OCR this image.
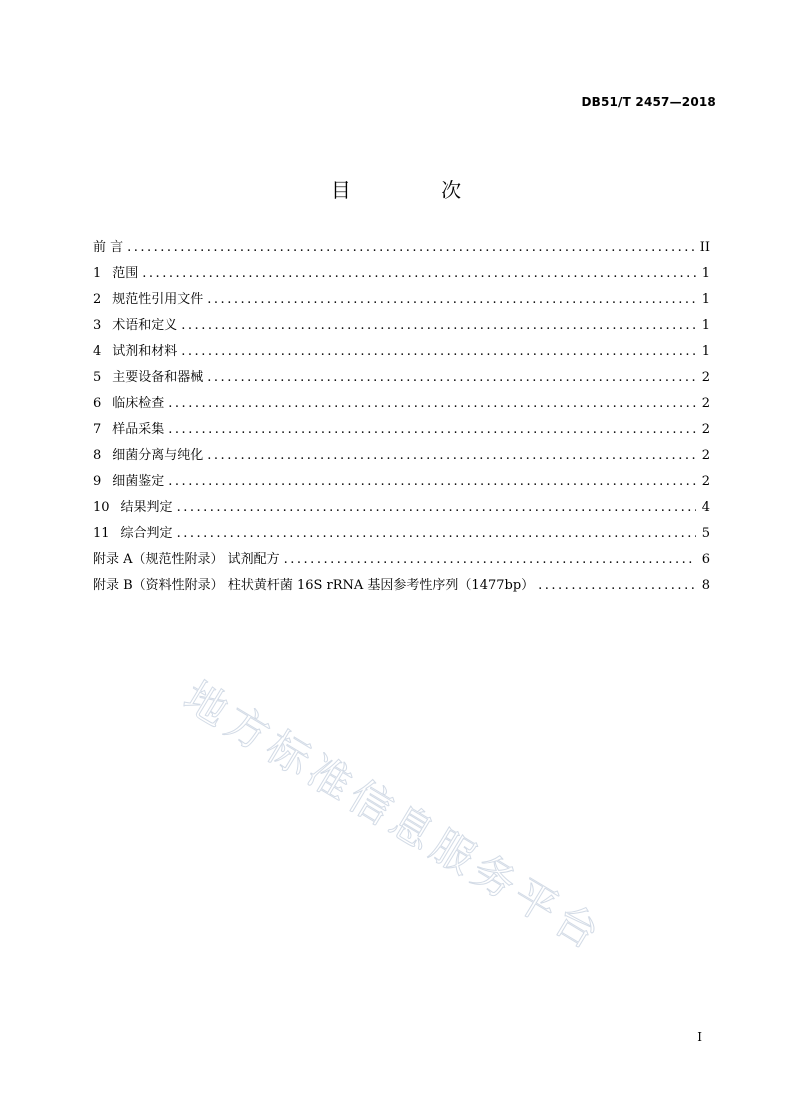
DB51/T 2457—2018
目 次
前 言 .....	II
1 范围 .....	1
2 规范性引用文件 .....	1
3 术语和定义 .....	1
4 试剂和材料 .....	1
5 主要设备和器械 .....	2
6 临床检查 .....	2
7 样品采集 .....	2
8 细菌分离与纯化 .....	2
9 细菌鉴定 .....	2
10 结果判定 .....	4
11 综合判定 .....	5
附录 A（规范性附录） 试剂配方 .....	6
附录 B（资料性附录） 柱状黄杆菌 16S rRNA 基因参考性序列（1477bp） .....	8
地方标准信息服务平台
I
